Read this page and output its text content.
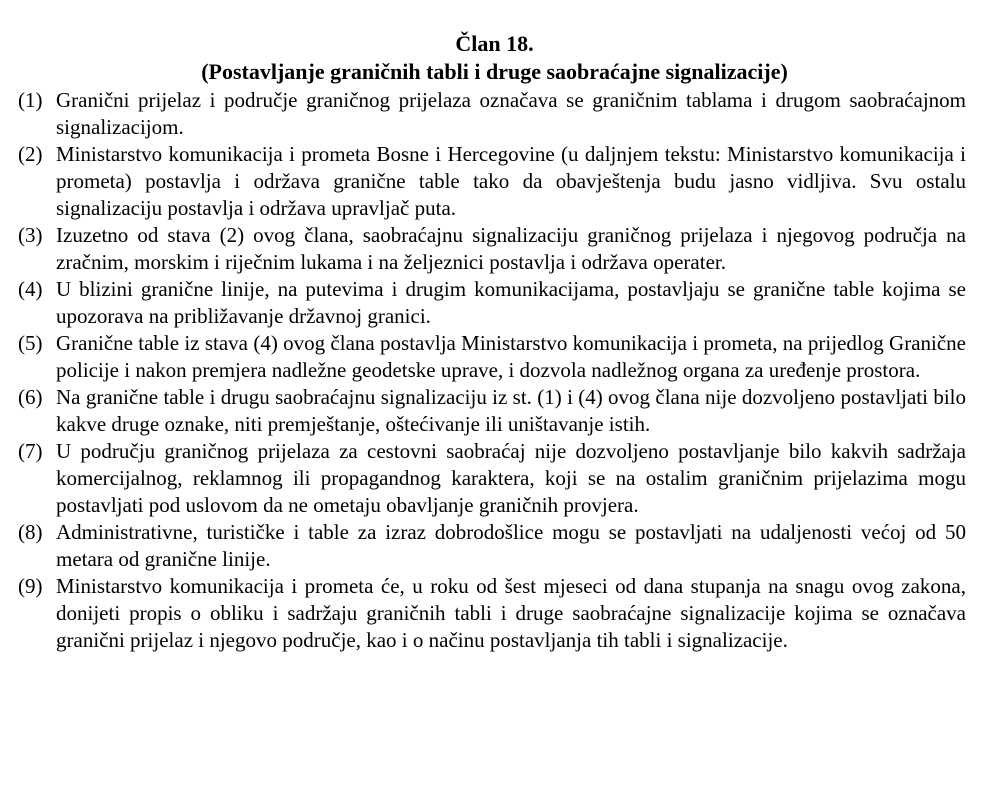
Član 18.
(Postavljanje graničnih tabli i druge saobraćajne signalizacije)
(1) Granični prijelaz i područje graničnog prijelaza označava se graničnim tablama i drugom saobraćajnom signalizacijom.
(2) Ministarstvo komunikacija i prometa Bosne i Hercegovine (u daljnjem tekstu: Ministarstvo komunikacija i prometa) postavlja i održava granične table tako da obavještenja budu jasno vidljiva. Svu ostalu signalizaciju postavlja i održava upravljač puta.
(3) Izuzetno od stava (2) ovog člana, saobraćajnu signalizaciju graničnog prijelaza i njegovog područja na zračnim, morskim i riječnim lukama i na željeznici postavlja i održava operater.
(4) U blizini granične linije, na putevima i drugim komunikacijama, postavljaju se granične table kojima se upozorava na približavanje državnoj granici.
(5) Granične table iz stava (4) ovog člana postavlja Ministarstvo komunikacija i prometa, na prijedlog Granične policije i nakon premjera nadležne geodetske uprave, i dozvola nadležnog organa za uređenje prostora.
(6) Na granične table i drugu saobraćajnu signalizaciju iz st. (1) i (4) ovog člana nije dozvoljeno postavljati bilo kakve druge oznake, niti premještanje, oštećivanje ili uništavanje istih.
(7) U području graničnog prijelaza za cestovni saobraćaj nije dozvoljeno postavljanje bilo kakvih sadržaja komercijalnog, reklamnog ili propagandnog karaktera, koji se na ostalim graničnim prijelazima mogu postavljati pod uslovom da ne ometaju obavljanje graničnih provjera.
(8) Administrativne, turističke i table za izraz dobrodošlice mogu se postavljati na udaljenosti većoj od 50 metara od granične linije.
(9) Ministarstvo komunikacija i prometa će, u roku od šest mjeseci od dana stupanja na snagu ovog zakona, donijeti propis o obliku i sadržaju graničnih tabli i druge saobraćajne signalizacije kojima se označava granični prijelaz i njegovo područje, kao i o načinu postavljanja tih tabli i signalizacije.
